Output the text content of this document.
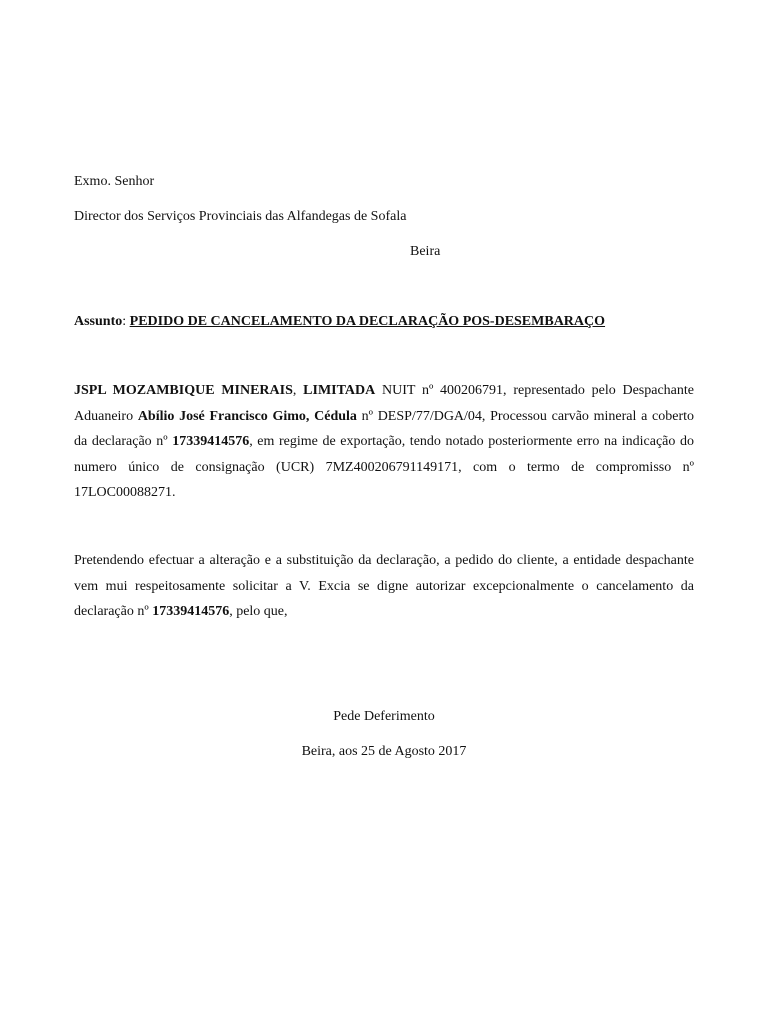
Exmo. Senhor
Director dos Serviços Provinciais das Alfandegas de Sofala
Beira
Assunto: PEDIDO DE CANCELAMENTO DA DECLARAÇÃO POS-DESEMBARAÇO
JSPL MOZAMBIQUE MINERAIS, LIMITADA NUIT nº 400206791, representado pelo Despachante Aduaneiro Abílio José Francisco Gimo, Cédula nº DESP/77/DGA/04, Processou carvão mineral a coberto da declaração nº 17339414576, em regime de exportação, tendo notado posteriormente erro na indicação do numero único de consignação (UCR) 7MZ400206791149171, com o termo de compromisso nº 17LOC00088271.
Pretendendo efectuar a alteração e a substituição da declaração, a pedido do cliente, a entidade despachante vem mui respeitosamente solicitar a V. Excia se digne autorizar excepcionalmente o cancelamento da declaração nº 17339414576, pelo que,
Pede Deferimento
Beira, aos 25 de Agosto 2017
